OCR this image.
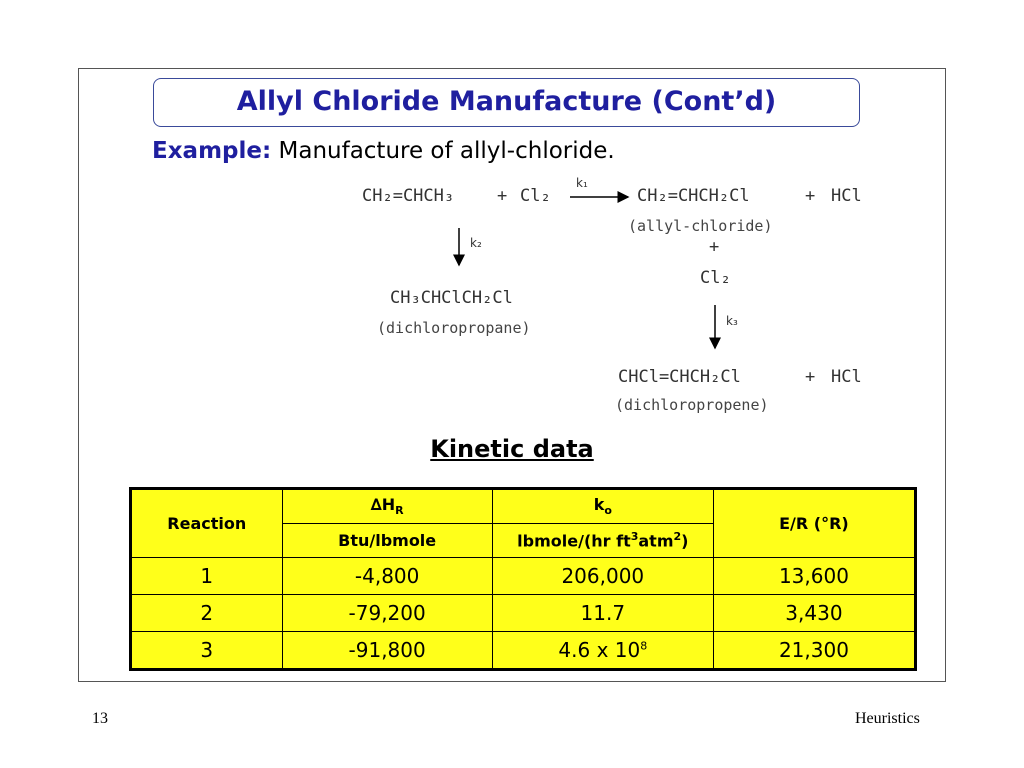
Allyl Chloride Manufacture (Cont’d)
Example: Manufacture of allyl-chloride.
CH₂=CHCH₃	+ Cl₂
k₁
CH₂=CHCH₂Cl	+ HCl
(allyl-chloride)
+
Cl₂
k₂
CH₃CHClCH₂Cl
(dichloropropane)	k₃
CHCl=CHCH₂Cl	+ HCl
(dichloropropene)
Kinetic data
Reaction	$\Delta H_R$	$k_o$	E/R (°R)
	Btu/lbmole	lbmole/(hr $ft^3atm^2$)	
1	-4,800	206,000	13,600
2	-79,200	11.7	3,430
3	-91,800	4.6 x $10^8$	21,300
13	Heuristics
